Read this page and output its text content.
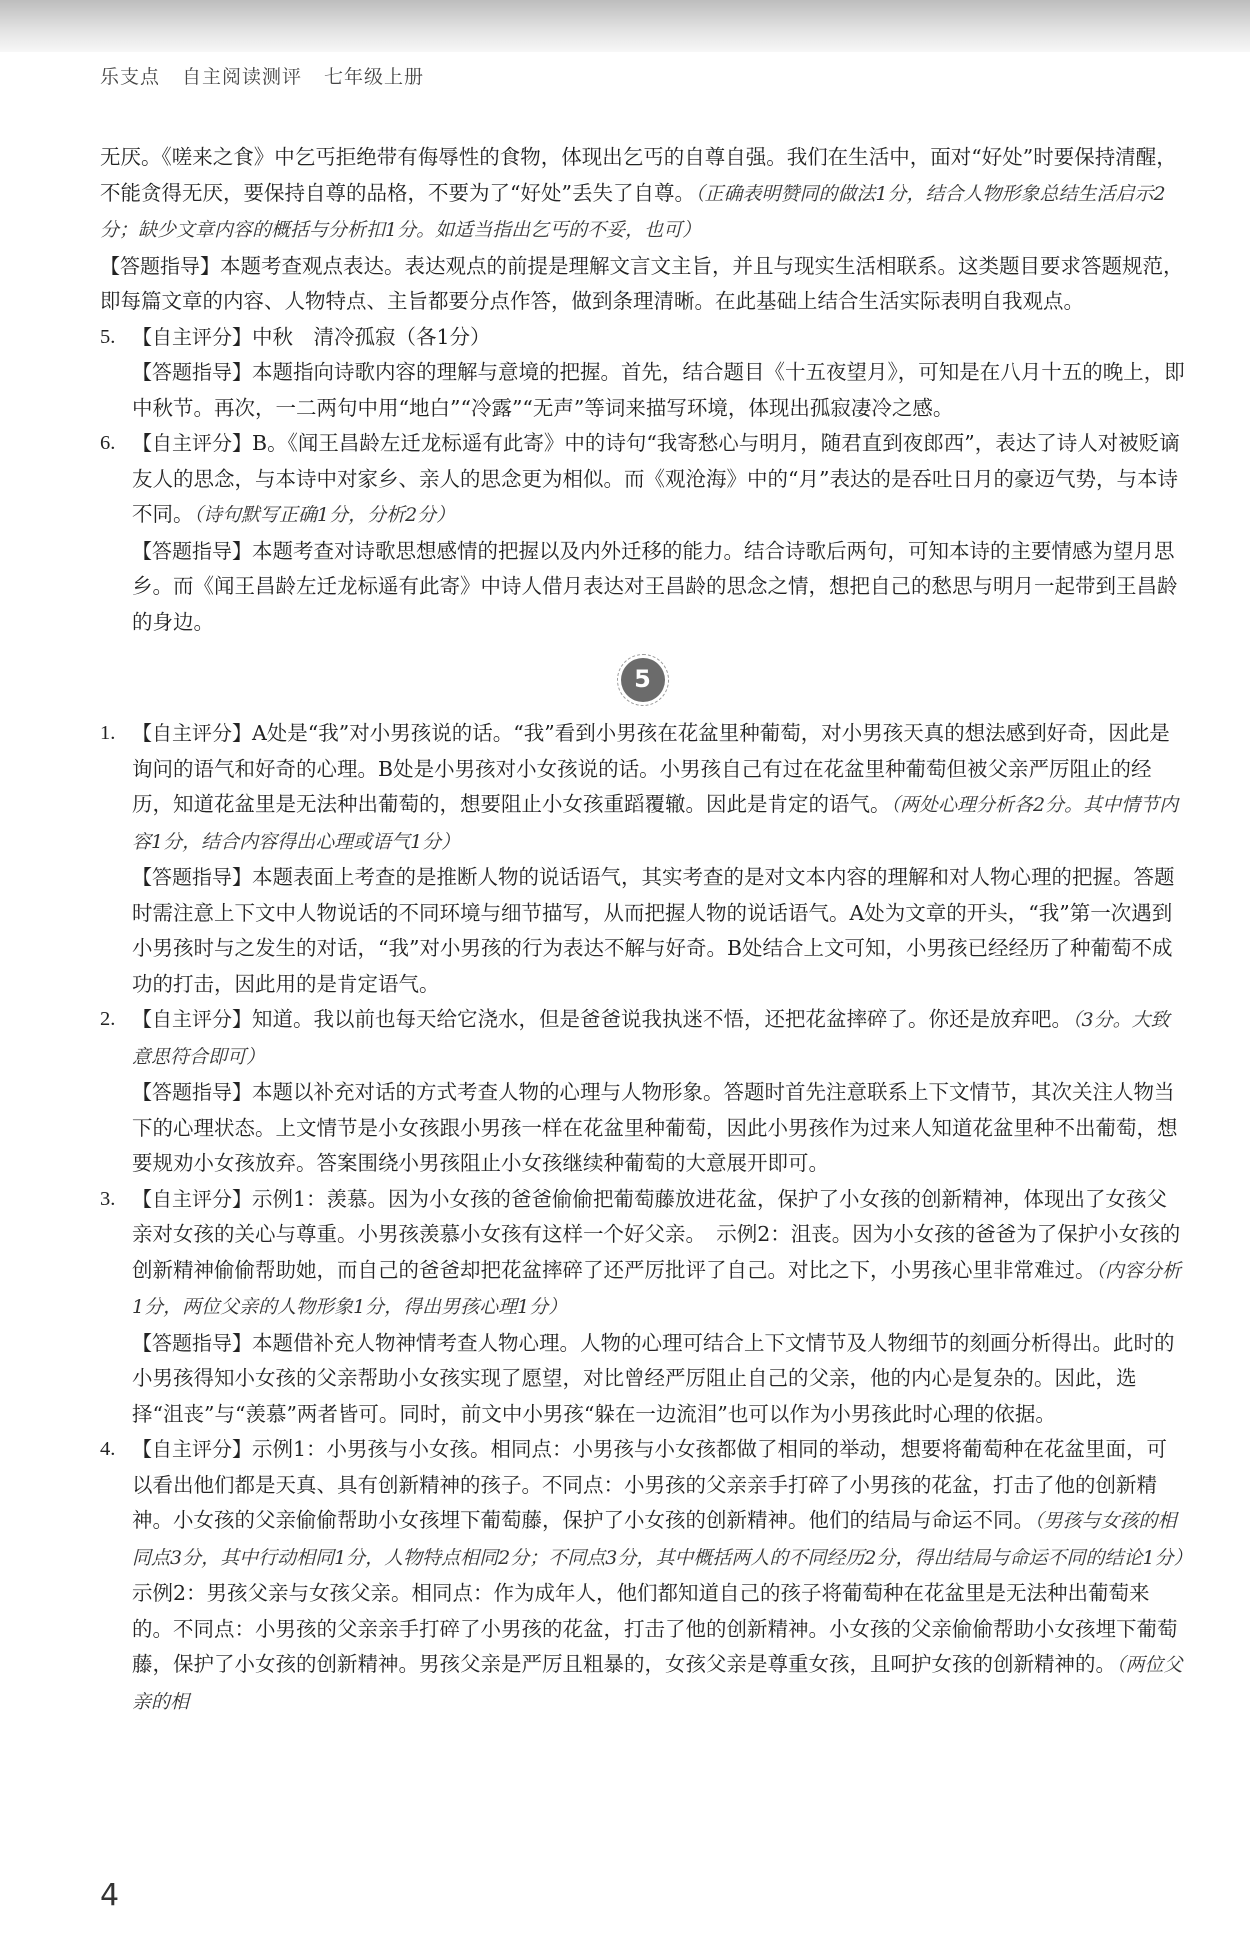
乐支点 自主阅读测评 七年级上册

无厌。《嗟来之食》中乞丐拒绝带有侮辱性的食物，体现出乞丐的自尊自强。我们在生活中，面对“好处”时要保持清醒，不能贪得无厌，要保持自尊的品格，不要为了“好处”丢失了自尊。（正确表明赞同的做法1分，结合人物形象总结生活启示2分；缺少文章内容的概括与分析扣1分。如适当指出乞丐的不妥，也可）

【答题指导】本题考查观点表达。表达观点的前提是理解文言文主旨，并且与现实生活相联系。这类题目要求答题规范，即每篇文章的内容、人物特点、主旨都要分点作答，做到条理清晰。在此基础上结合生活实际表明自我观点。

5. 【自主评分】中秋　清冷孤寂（各1分）

【答题指导】本题指向诗歌内容的理解与意境的把握。首先，结合题目《十五夜望月》，可知是在八月十五的晚上，即中秋节。再次，一二两句中用“地白”“冷露”“无声”等词来描写环境，体现出孤寂凄冷之感。

6. 【自主评分】B。《闻王昌龄左迁龙标遥有此寄》中的诗句“我寄愁心与明月，随君直到夜郎西”，表达了诗人对被贬谪友人的思念，与本诗中对家乡、亲人的思念更为相似。而《观沧海》中的“月”表达的是吞吐日月的豪迈气势，与本诗不同。（诗句默写正确1分，分析2分）

【答题指导】本题考查对诗歌思想感情的把握以及内外迁移的能力。结合诗歌后两句，可知本诗的主要情感为望月思乡。而《闻王昌龄左迁龙标遥有此寄》中诗人借月表达对王昌龄的思念之情，想把自己的愁思与明月一起带到王昌龄的身边。

5
1. 【自主评分】A处是“我”对小男孩说的话。“我”看到小男孩在花盆里种葡萄，对小男孩天真的想法感到好奇，因此是询问的语气和好奇的心理。B处是小男孩对小女孩说的话。小男孩自己有过在花盆里种葡萄但被父亲严厉阻止的经历，知道花盆里是无法种出葡萄的，想要阻止小女孩重蹈覆辙。因此是肯定的语气。（两处心理分析各2分。其中情节内容1分，结合内容得出心理或语气1分）

【答题指导】本题表面上考查的是推断人物的说话语气，其实考查的是对文本内容的理解和对人物心理的把握。答题时需注意上下文中人物说话的不同环境与细节描写，从而把握人物的说话语气。A处为文章的开头，“我”第一次遇到小男孩时与之发生的对话，“我”对小男孩的行为表达不解与好奇。B处结合上文可知，小男孩已经经历了种葡萄不成功的打击，因此用的是肯定语气。

2. 【自主评分】知道。我以前也每天给它浇水，但是爸爸说我执迷不悟，还把花盆摔碎了。你还是放弃吧。（3分。大致意思符合即可）

【答题指导】本题以补充对话的方式考查人物的心理与人物形象。答题时首先注意联系上下文情节，其次关注人物当下的心理状态。上文情节是小女孩跟小男孩一样在花盆里种葡萄，因此小男孩作为过来人知道花盆里种不出葡萄，想要规劝小女孩放弃。答案围绕小男孩阻止小女孩继续种葡萄的大意展开即可。

3. 【自主评分】示例1：羡慕。因为小女孩的爸爸偷偷把葡萄藤放进花盆，保护了小女孩的创新精神，体现出了女孩父亲对女孩的关心与尊重。小男孩羡慕小女孩有这样一个好父亲。　示例2：沮丧。因为小女孩的爸爸为了保护小女孩的创新精神偷偷帮助她，而自己的爸爸却把花盆摔碎了还严厉批评了自己。对比之下，小男孩心里非常难过。（内容分析1分，两位父亲的人物形象1分，得出男孩心理1分）

【答题指导】本题借补充人物神情考查人物心理。人物的心理可结合上下文情节及人物细节的刻画分析得出。此时的小男孩得知小女孩的父亲帮助小女孩实现了愿望，对比曾经严厉阻止自己的父亲，他的内心是复杂的。因此，选择“沮丧”与“羡慕”两者皆可。同时，前文中小男孩“躲在一边流泪”也可以作为小男孩此时心理的依据。

4. 【自主评分】示例1：小男孩与小女孩。相同点：小男孩与小女孩都做了相同的举动，想要将葡萄种在花盆里面，可以看出他们都是天真、具有创新精神的孩子。不同点：小男孩的父亲亲手打碎了小男孩的花盆，打击了他的创新精神。小女孩的父亲偷偷帮助小女孩埋下葡萄藤，保护了小女孩的创新精神。他们的结局与命运不同。（男孩与女孩的相同点3分，其中行动相同1分，人物特点相同2分；不同点3分，其中概括两人的不同经历2分，得出结局与命运不同的结论1分）　示例2：男孩父亲与女孩父亲。相同点：作为成年人，他们都知道自己的孩子将葡萄种在花盆里是无法种出葡萄来的。不同点：小男孩的父亲亲手打碎了小男孩的花盆，打击了他的创新精神。小女孩的父亲偷偷帮助小女孩埋下葡萄藤，保护了小女孩的创新精神。男孩父亲是严厉且粗暴的，女孩父亲是尊重女孩，且呵护女孩的创新精神的。（两位父亲的相

4
